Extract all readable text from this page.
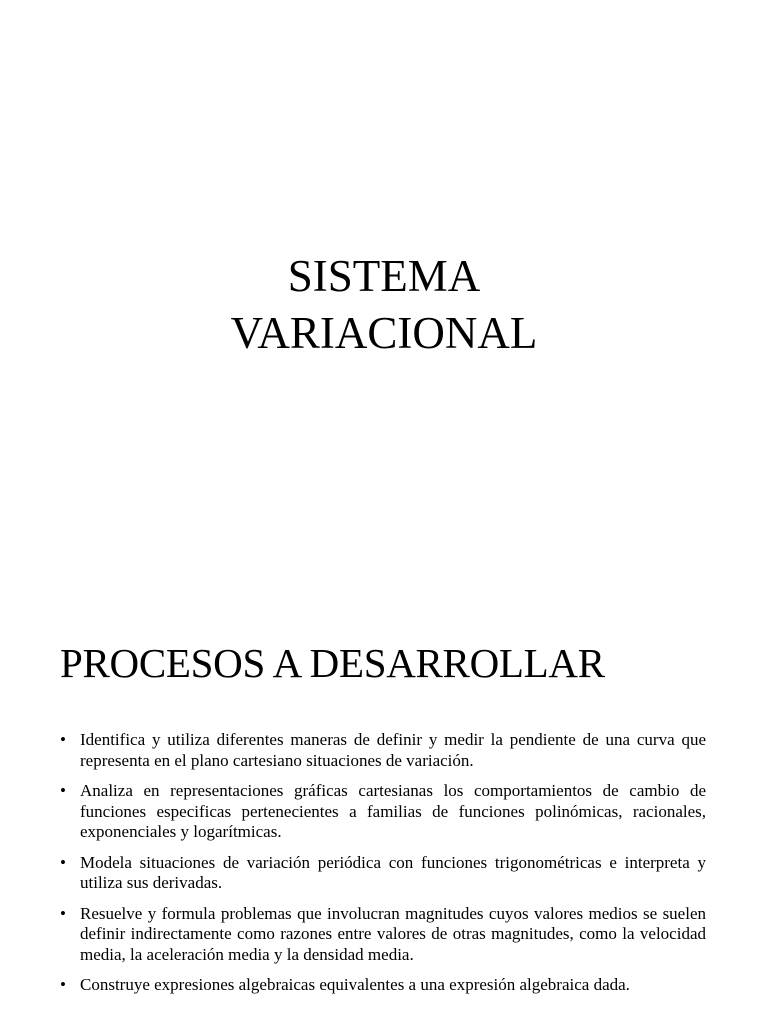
SISTEMA
VARIACIONAL
PROCESOS A DESARROLLAR
• Identifica y utiliza diferentes maneras de definir y medir la pendiente de una curva que representa en el plano cartesiano situaciones de variación.
• Analiza en representaciones gráficas cartesianas los comportamientos de cambio de funciones especificas pertenecientes a familias de funciones polinómicas, racionales, exponenciales y logarítmicas.
• Modela situaciones de variación periódica con funciones trigonométricas e interpreta y utiliza sus derivadas.
• Resuelve y formula problemas que involucran magnitudes cuyos valores medios se suelen definir indirectamente como razones entre valores de otras magnitudes, como la velocidad media, la aceleración media y la densidad media.
• Construye expresiones algebraicas equivalentes a una expresión algebraica dada.
